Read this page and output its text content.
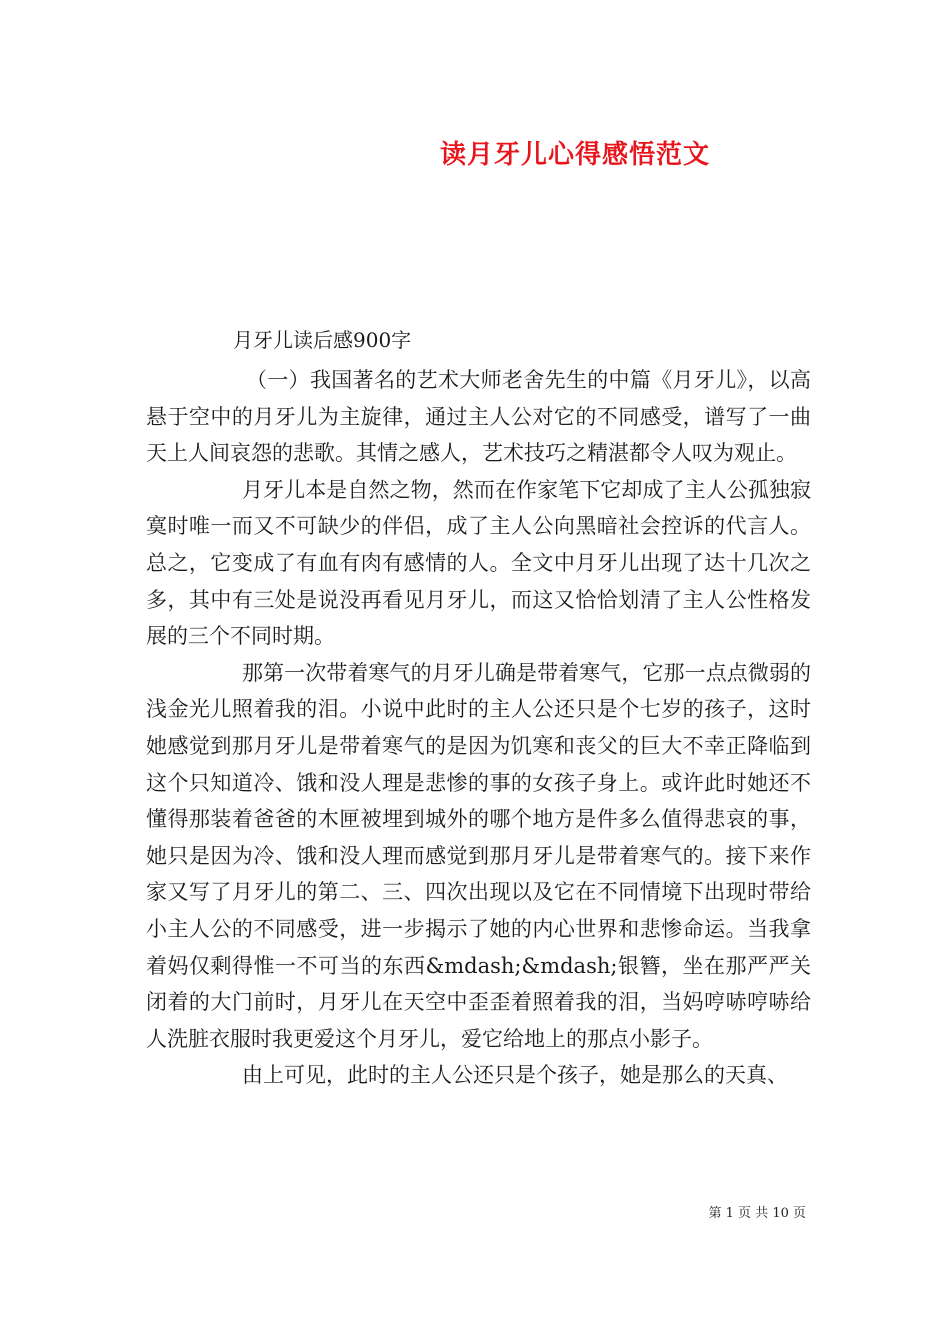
读月牙儿心得感悟范文
月牙儿读后感900字

（一）我国著名的艺术大师老舍先生的中篇《月牙儿》，以高悬于空中的月牙儿为主旋律，通过主人公对它的不同感受，谱写了一曲天上人间哀怨的悲歌。其情之感人，艺术技巧之精湛都令人叹为观止。

月牙儿本是自然之物，然而在作家笔下它却成了主人公孤独寂寞时唯一而又不可缺少的伴侣，成了主人公向黑暗社会控诉的代言人。总之，它变成了有血有肉有感情的人。全文中月牙儿出现了达十几次之多，其中有三处是说没再看见月牙儿，而这又恰恰划清了主人公性格发展的三个不同时期。

那第一次带着寒气的月牙儿确是带着寒气，它那一点点微弱的浅金光儿照着我的泪。小说中此时的主人公还只是个七岁的孩子，这时她感觉到那月牙儿是带着寒气的是因为饥寒和丧父的巨大不幸正降临到这个只知道冷、饿和没人理是悲惨的事的女孩子身上。或许此时她还不懂得那装着爸爸的木匣被埋到城外的哪个地方是件多么值得悲哀的事，她只是因为冷、饿和没人理而感觉到那月牙儿是带着寒气的。接下来作家又写了月牙儿的第二、三、四次出现以及它在不同情境下出现时带给小主人公的不同感受，进一步揭示了她的内心世界和悲惨命运。当我拿着妈仅剩得惟一不可当的东西&mdash;&mdash;银簪，坐在那严严关闭着的大门前时，月牙儿在天空中歪歪着照着我的泪，当妈哼哧哼哧给人洗脏衣服时我更爱这个月牙儿，爱它给地上的那点小影子。

由上可见，此时的主人公还只是个孩子，她是那么的天真、

第 1 页 共 10 页
